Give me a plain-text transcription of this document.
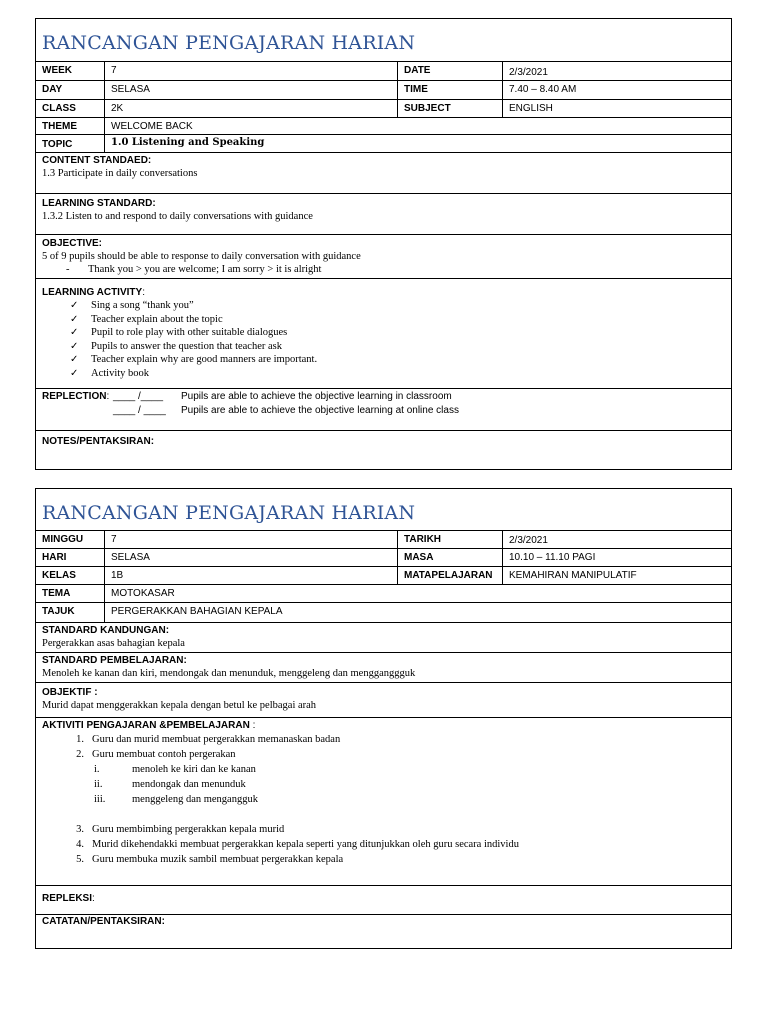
RANCANGAN PENGAJARAN HARIAN
WEEK	7	DATE	2/3/2021
DAY	SELASA	TIME	7.40 – 8.40 AM
CLASS	2K	SUBJECT	ENGLISH
THEME	WELCOME BACK
TOPIC	1.0 Listening and Speaking
CONTENT STANDAED:
1.3 Participate in daily conversations
LEARNING STANDARD:
1.3.2 Listen to and respond to daily conversations with guidance
OBJECTIVE:
5 of 9 pupils should be able to response to daily conversation with guidance
- Thank you > you are welcome; I am sorry > it is alright
LEARNING ACTIVITY:
✓ Sing a song “thank you”
✓ Teacher explain about the topic
✓ Pupil to role play with other suitable dialogues
✓ Pupils to answer the question that teacher ask
✓ Teacher explain why are good manners are important.
✓ Activity book
REPLECTION: ____ /____	Pupils are able to achieve the objective learning in classroom
____ / ____	Pupils are able to achieve the objective learning at online class
NOTES/PENTAKSIRAN:
RANCANGAN PENGAJARAN HARIAN
MINGGU	7	TARIKH	2/3/2021
HARI	SELASA	MASA	10.10 – 11.10 PAGI
KELAS	1B	MATAPELAJARAN	KEMAHIRAN MANIPULATIF
TEMA	MOTOKASAR
TAJUK	PERGERAKKAN BAHAGIAN KEPALA
STANDARD KANDUNGAN:
Pergerakkan asas bahagian kepala
STANDARD PEMBELAJARAN:
Menoleh ke kanan dan kiri, mendongak dan menunduk, menggeleng dan mengganggguk
OBJEKTIF :
Murid dapat menggerakkan kepala dengan betul ke pelbagai arah
AKTIVITI PENGAJARAN &PEMBELAJARAN :
1. Guru dan murid membuat pergerakkan memanaskan badan
2. Guru membuat contoh pergerakan
i.	menoleh ke kiri dan ke kanan
ii.	mendongak dan menunduk
iii.	menggeleng dan mengangguk
3. Guru membimbing pergerakkan kepala murid
4. Murid dikehendakki membuat pergerakkan kepala seperti yang ditunjukkan oleh guru secara individu
5. Guru membuka muzik sambil membuat pergerakkan kepala
REPLEKSI:
CATATAN/PENTAKSIRAN:
